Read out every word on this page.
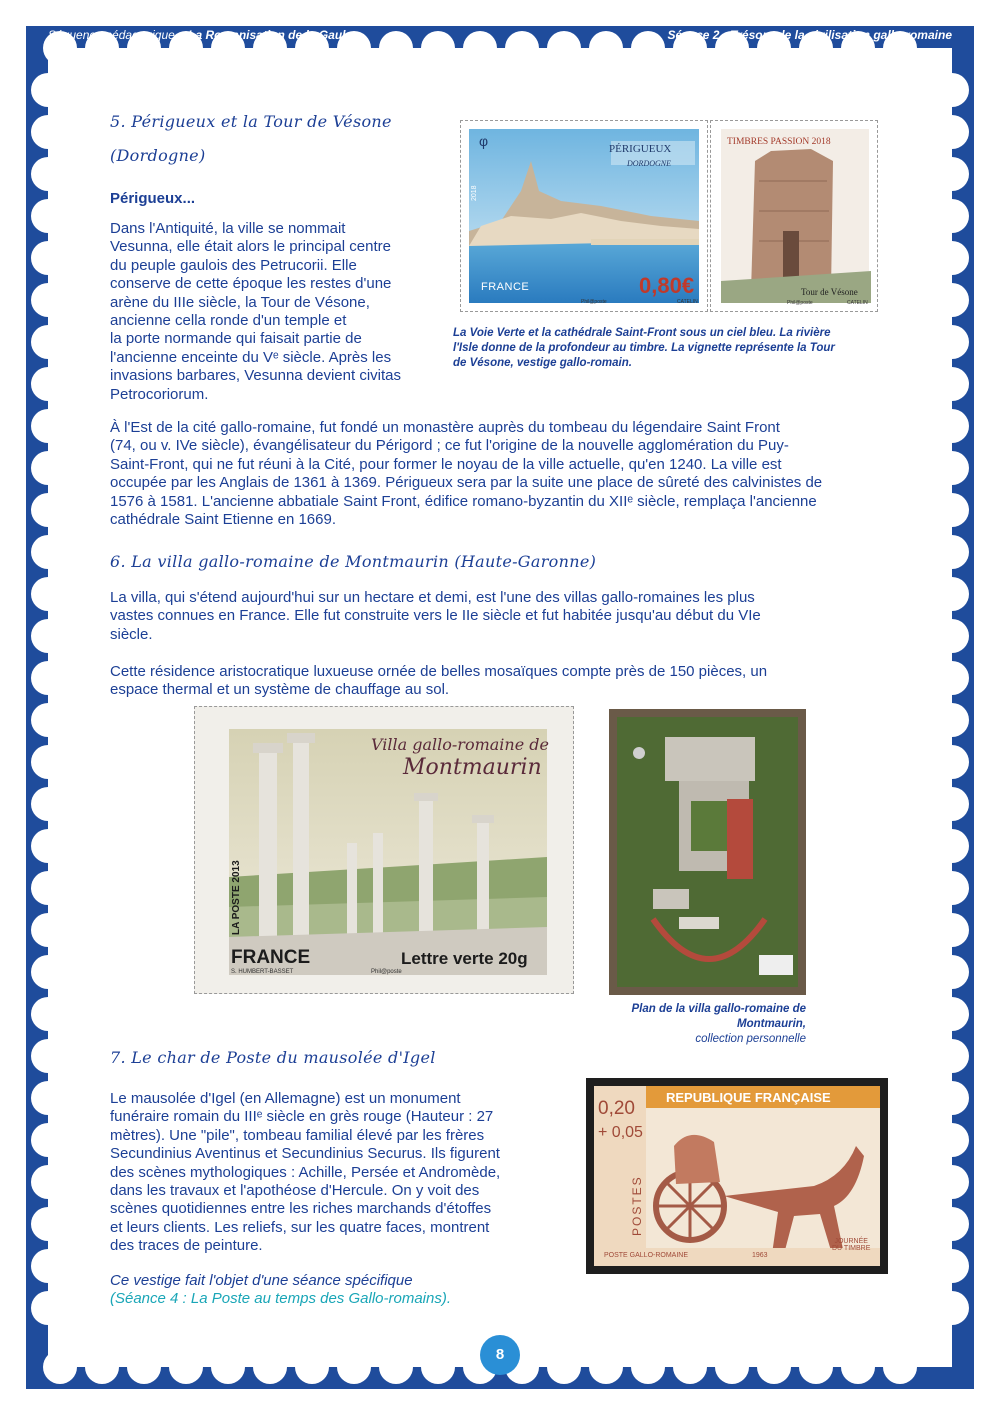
Séquence pédagogique – La Romanisation de la Gaule	Séance 2 : Trésors de la civilisation gallo-romaine
5. Périgueux et la Tour de Vésone
(Dordogne)
Périgueux...
Dans l'Antiquité, la ville se nommait
Vesunna, elle était alors le principal centre
du peuple gaulois des Petrucorii. Elle
conserve de cette époque les restes d'une
arène du IIIe siècle, la Tour de Vésone,
ancienne cella ronde d'un temple et
la porte normande qui faisait partie de
l'ancienne enceinte du Vᵉ siècle. Après les
invasions barbares, Vesunna devient civitas
Petrocoriorum.
PÉRIGUEUX
DORDOGNE
FRANCE	0,80€
Phil@poste	CATELIN
2018
φ	TIMBRES PASSION 2018
Tour de Vésone
Phil@poste	CATELIN
La Voie Verte et la cathédrale Saint-Front sous un ciel bleu. La rivière
l'Isle donne de la profondeur au timbre. La vignette représente la Tour
de Vésone, vestige gallo-romain.
À l'Est de la cité gallo-romaine, fut fondé un monastère auprès du tombeau du légendaire Saint Front
(74, ou v. IVe siècle), évangélisateur du Périgord ; ce fut l'origine de la nouvelle agglomération du Puy-
Saint-Front, qui ne fut réuni à la Cité, pour former le noyau de la ville actuelle, qu'en 1240. La ville est
occupée par les Anglais de 1361 à 1369. Périgueux sera par la suite une place de sûreté des calvinistes de
1576 à 1581. L'ancienne abbatiale Saint Front, édifice romano-byzantin du XIIᵉ siècle, remplaça l'ancienne
cathédrale Saint Etienne en 1669.
6. La villa gallo-romaine de Montmaurin (Haute-Garonne)
La villa, qui s'étend aujourd'hui sur un hectare et demi, est l'une des villas gallo-romaines les plus
vastes connues en France. Elle fut construite vers le IIe siècle et fut habitée jusqu'au début du VIe
siècle.
Cette résidence aristocratique luxueuse ornée de belles mosaïques compte près de 150 pièces, un
espace thermal et un système de chauffage au sol.
Villa gallo-romaine de
Montmaurin
FRANCE	Lettre verte 20g
LA POSTE 2013
S. HUMBERT-BASSET	Phil@poste
Plan de la villa gallo-romaine de
Montmaurin,
collection personnelle
7. Le char de Poste du mausolée d'Igel
Le mausolée d'Igel (en Allemagne) est un monument
funéraire romain du IIIᵉ siècle en grès rouge (Hauteur : 27
mètres). Une "pile", tombeau familial élevé par les frères
Secundinius Aventinus et Secundinius Securus. Ils figurent
des scènes mythologiques : Achille, Persée et Andromède,
dans les travaux et l'apothéose d'Hercule. On y voit des
scènes quotidiennes entre les riches marchands d'étoffes
et leurs clients. Les reliefs, sur les quatre faces, montrent
des traces de peinture.
Ce vestige fait l'objet d'une séance spécifique
(Séance 4 : La Poste au temps des Gallo-romains).
REPUBLIQUE FRANÇAISE
0,20
+ 0,05
POSTES
POSTE GALLO-ROMAINE	1963
JOURNÉE
DU TIMBRE
8
